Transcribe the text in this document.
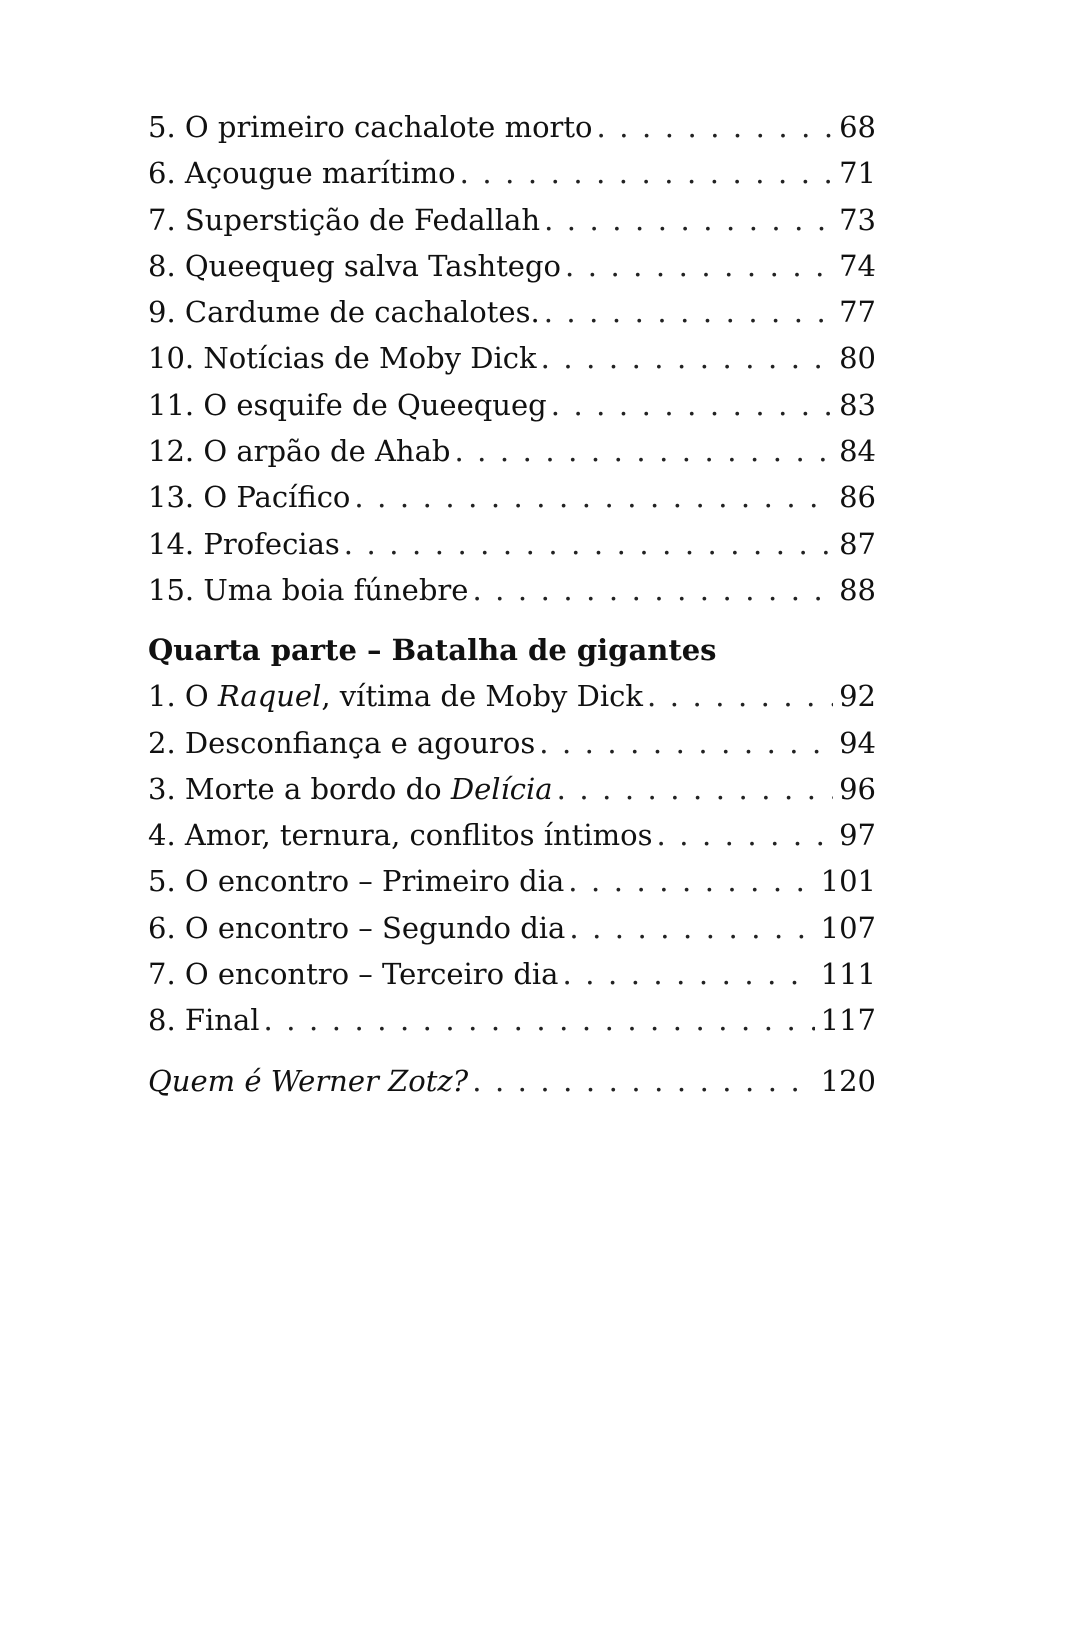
5. O primeiro cachalote morto . . .	68
6. Açougue marítimo . . .	71
7. Superstição de Fedallah . . .	73
8. Queequeg salva Tashtego . . .	74
9. Cardume de cachalotes. . . .	77
10. Notícias de Moby Dick . . .	80
11. O esquife de Queequeg . . .	83
12. O arpão de Ahab . . .	84
13. O Pacífico . . .	86
14. Profecias . . .	87
15. Uma boia fúnebre . . .	88
Quarta parte – Batalha de gigantes
1. O Raquel, vítima de Moby Dick . . .	92
2. Desconfiança e agouros . . .	94
3. Morte a bordo do Delícia . . .	96
4. Amor, ternura, conflitos íntimos . . .	97
5. O encontro – Primeiro dia . . .	101
6. O encontro – Segundo dia . . .	107
7. O encontro – Terceiro dia . . .	111
8. Final . . .	117
Quem é Werner Zotz? . . .	120
